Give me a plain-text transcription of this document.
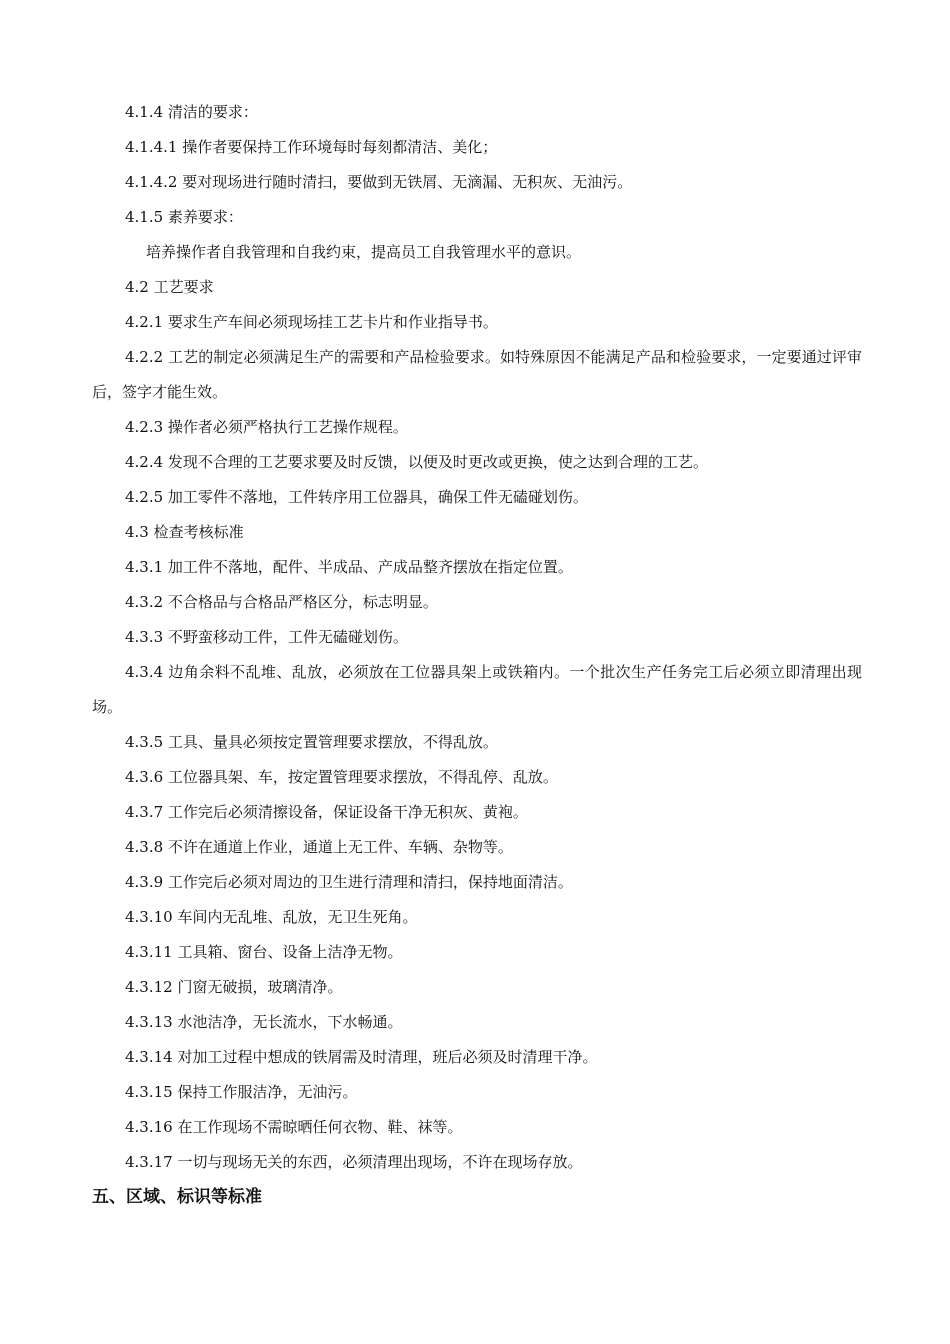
4.1.4 清洁的要求：

4.1.4.1 操作者要保持工作环境每时每刻都清洁、美化；

4.1.4.2 要对现场进行随时清扫，要做到无铁屑、无滴漏、无积灰、无油污。

4.1.5 素养要求：

培养操作者自我管理和自我约束，提高员工自我管理水平的意识。

4.2 工艺要求

4.2.1 要求生产车间必须现场挂工艺卡片和作业指导书。

4.2.2 工艺的制定必须满足生产的需要和产品检验要求。如特殊原因不能满足产品和检验要求，一定要通过评审后，签字才能生效。

4.2.3 操作者必须严格执行工艺操作规程。

4.2.4 发现不合理的工艺要求要及时反馈，以便及时更改或更换，使之达到合理的工艺。

4.2.5 加工零件不落地，工件转序用工位器具，确保工件无磕碰划伤。

4.3 检查考核标准

4.3.1 加工件不落地，配件、半成品、产成品整齐摆放在指定位置。

4.3.2 不合格品与合格品严格区分，标志明显。

4.3.3 不野蛮移动工件，工件无磕碰划伤。

4.3.4 边角余料不乱堆、乱放，必须放在工位器具架上或铁箱内。一个批次生产任务完工后必须立即清理出现场。

4.3.5 工具、量具必须按定置管理要求摆放，不得乱放。

4.3.6 工位器具架、车，按定置管理要求摆放，不得乱停、乱放。

4.3.7 工作完后必须清擦设备，保证设备干净无积灰、黄袍。

4.3.8 不许在通道上作业，通道上无工件、车辆、杂物等。

4.3.9 工作完后必须对周边的卫生进行清理和清扫，保持地面清洁。

4.3.10 车间内无乱堆、乱放，无卫生死角。

4.3.11 工具箱、窗台、设备上洁净无物。

4.3.12 门窗无破损，玻璃清净。

4.3.13 水池洁净，无长流水，下水畅通。

4.3.14 对加工过程中想成的铁屑需及时清理，班后必须及时清理干净。

4.3.15 保持工作服洁净，无油污。

4.3.16 在工作现场不需晾晒任何衣物、鞋、袜等。

4.3.17 一切与现场无关的东西，必须清理出现场，不许在现场存放。

五、区域、标识等标准
